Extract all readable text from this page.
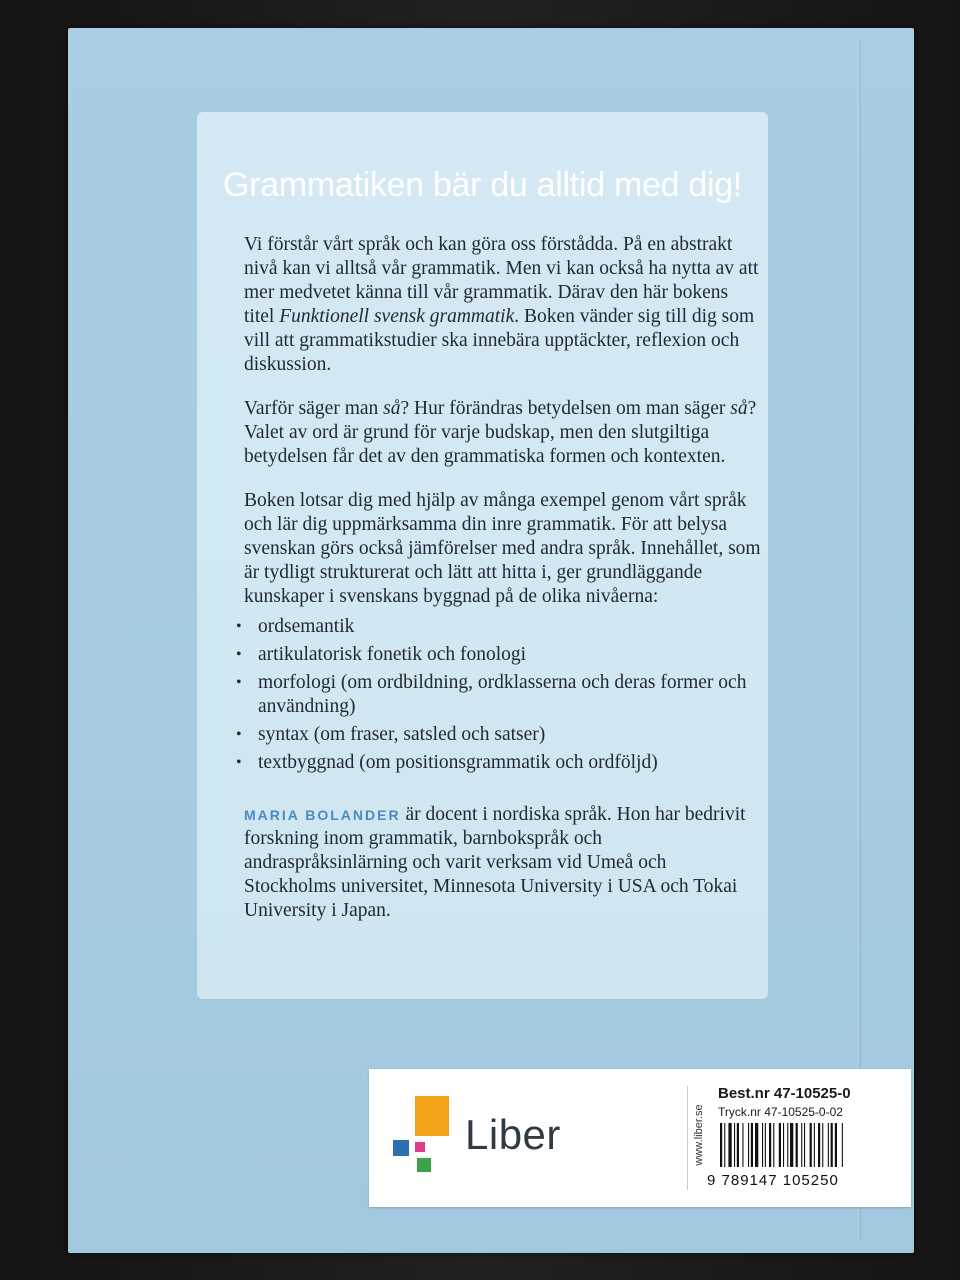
Grammatiken bär du alltid med dig!

Vi förstår vårt språk och kan göra oss förstådda. På en abstrakt nivå kan vi alltså vår grammatik. Men vi kan också ha nytta av att mer medvetet känna till vår grammatik. Därav den här bokens titel Funktionell svensk grammatik. Boken vänder sig till dig som vill att grammatikstudier ska innebära upptäckter, reflexion och diskussion.

Varför säger man så? Hur förändras betydelsen om man säger så? Valet av ord är grund för varje budskap, men den slutgiltiga betydelsen får det av den grammatiska formen och kontexten.

Boken lotsar dig med hjälp av många exempel genom vårt språk och lär dig uppmärksamma din inre grammatik. För att belysa svenskan görs också jämförelser med andra språk. Innehållet, som är tydligt strukturerat och lätt att hitta i, ger grundläggande kunskaper i svenskans byggnad på de olika nivåerna:

• ordsemantik
• artikulatorisk fonetik och fonologi
• morfologi (om ordbildning, ordklasserna och deras former och användning)
• syntax (om fraser, satsled och satser)
• textbyggnad (om positionsgrammatik och ordföljd)

MARIA BOLANDER är docent i nordiska språk. Hon har bedrivit forskning inom grammatik, barnbokspråk och andraspråksinlärning och varit verksam vid Umeå och Stockholms universitet, Minnesota University i USA och Tokai University i Japan.

Liber	www.liber.se
Best.nr 47-10525-0
Tryck.nr 47-10525-0-02
9 789147 105250
